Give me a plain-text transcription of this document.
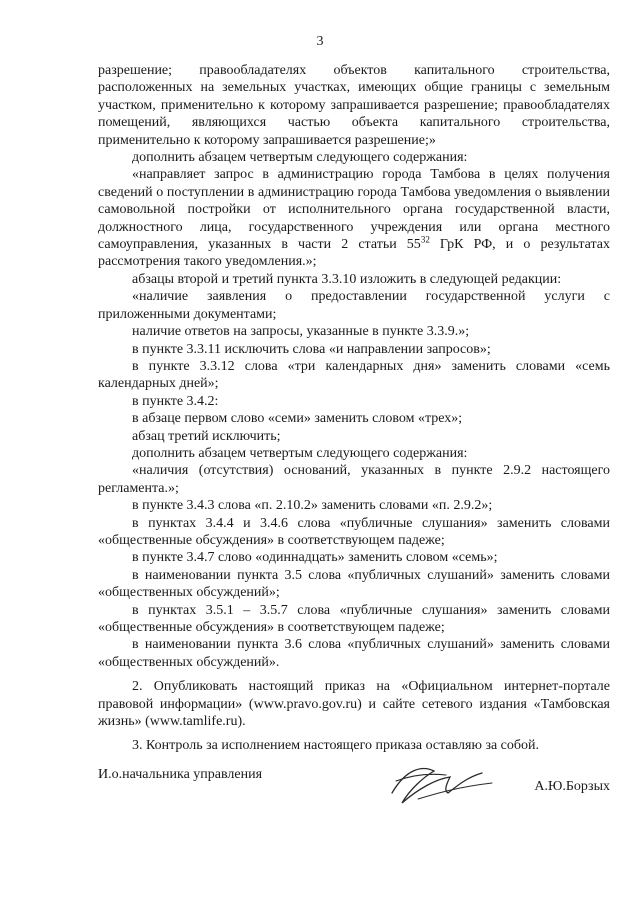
3

разрешение; правообладателях объектов капитального строительства, расположенных на земельных участках, имеющих общие границы с земельным участком, применительно к которому запрашивается разрешение; правообладателях помещений, являющихся частью объекта капитального строительства, применительно к которому запрашивается разрешение;»

дополнить абзацем четвертым следующего содержания:

«направляет запрос в администрацию города Тамбова в целях получения сведений о поступлении в администрацию города Тамбова уведомления о выявлении самовольной постройки от исполнительного органа государственной власти, должностного лица, государственного учреждения или органа местного самоуправления, указанных в части 2 статьи $55^{32}$ ГрК РФ, и о результатах рассмотрения такого уведомления.»;

абзацы второй и третий пункта 3.3.10 изложить в следующей редакции:

«наличие заявления о предоставлении государственной услуги с приложенными документами;

наличие ответов на запросы, указанные в пункте 3.3.9.»;

в пункте 3.3.11 исключить слова «и направлении запросов»;

в пункте 3.3.12 слова «три календарных дня» заменить словами «семь календарных дней»;

в пункте 3.4.2:

в абзаце первом слово «семи» заменить словом «трех»;

абзац третий исключить;

дополнить абзацем четвертым следующего содержания:

«наличия (отсутствия) оснований, указанных в пункте 2.9.2 настоящего регламента.»;

в пункте 3.4.3 слова «п. 2.10.2» заменить словами «п. 2.9.2»;

в пунктах 3.4.4 и 3.4.6 слова «публичные слушания» заменить словами «общественные обсуждения» в соответствующем падеже;

в пункте 3.4.7 слово «одиннадцать» заменить словом «семь»;

в наименовании пункта 3.5 слова «публичных слушаний» заменить словами «общественных обсуждений»;

в пунктах 3.5.1 – 3.5.7 слова «публичные слушания» заменить словами «общественные обсуждения» в соответствующем падеже;

в наименовании пункта 3.6 слова «публичных слушаний» заменить словами «общественных обсуждений».

2. Опубликовать настоящий приказ на «Официальном интернет-портале правовой информации» (www.pravo.gov.ru) и сайте сетевого издания «Тамбовская жизнь» (www.tamlife.ru).

3. Контроль за исполнением настоящего приказа оставляю за собой.

И.о.начальника управления
А.Ю.Борзых
